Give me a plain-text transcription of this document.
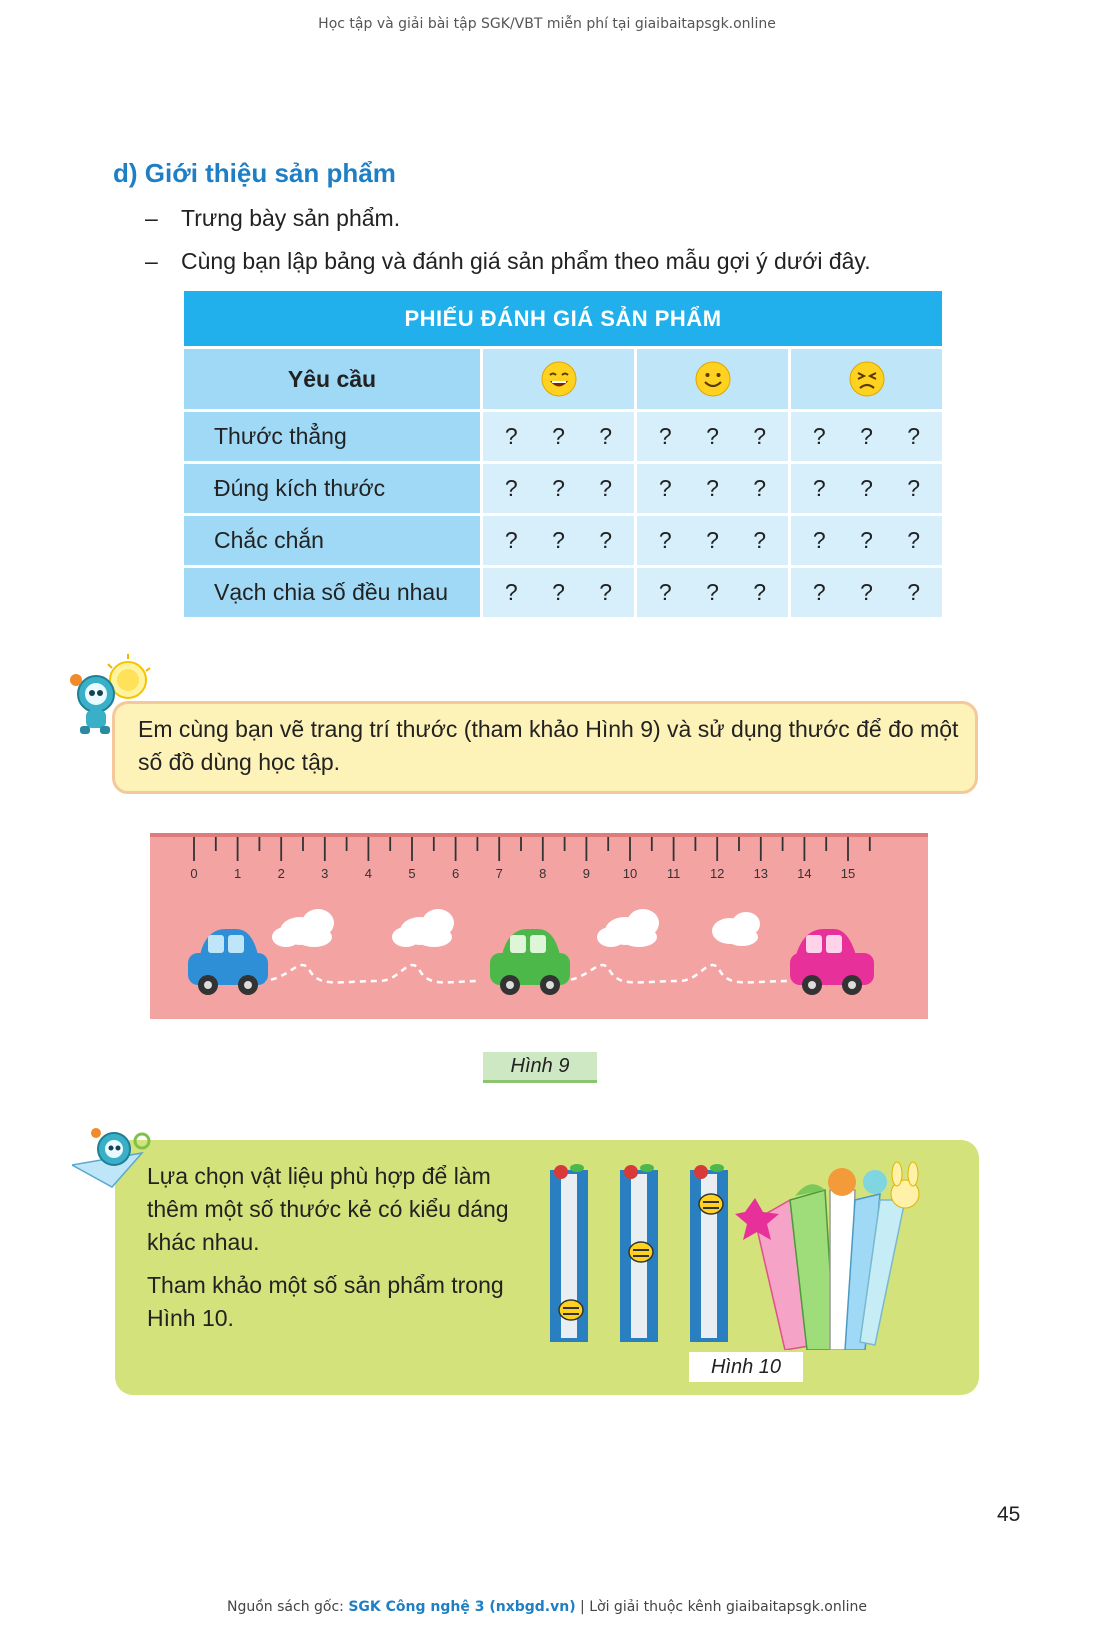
Học tập và giải bài tập SGK/VBT miễn phí tại giaibaitapsgk.online
d) Giới thiệu sản phẩm
– Trưng bày sản phẩm.
– Cùng bạn lập bảng và đánh giá sản phẩm theo mẫu gợi ý dưới đây.
PHIẾU ĐÁNH GIÁ SẢN PHẨM
Yêu cầu
Thước thẳng	? ? ?	? ? ?	? ? ?
Đúng kích thước	? ? ?	? ? ?	? ? ?
Chắc chắn	? ? ?	? ? ?	? ? ?
Vạch chia số đều nhau	? ? ?	? ? ?	? ? ?
Em cùng bạn vẽ trang trí thước (tham khảo Hình 9) và sử dụng thước để đo một số đồ dùng học tập.
0	1	2	3	4	5	6	7	8	9	10 11 12 13 14 15
Hình 9

Lựa chọn vật liệu phù hợp để làm thêm một số thước kẻ có kiểu dáng khác nhau.

Tham khảo một số sản phẩm trong Hình 10.

Hình 10
45
Nguồn sách gốc: SGK Công nghệ 3 (nxbgd.vn) | Lời giải thuộc kênh giaibaitapsgk.online
